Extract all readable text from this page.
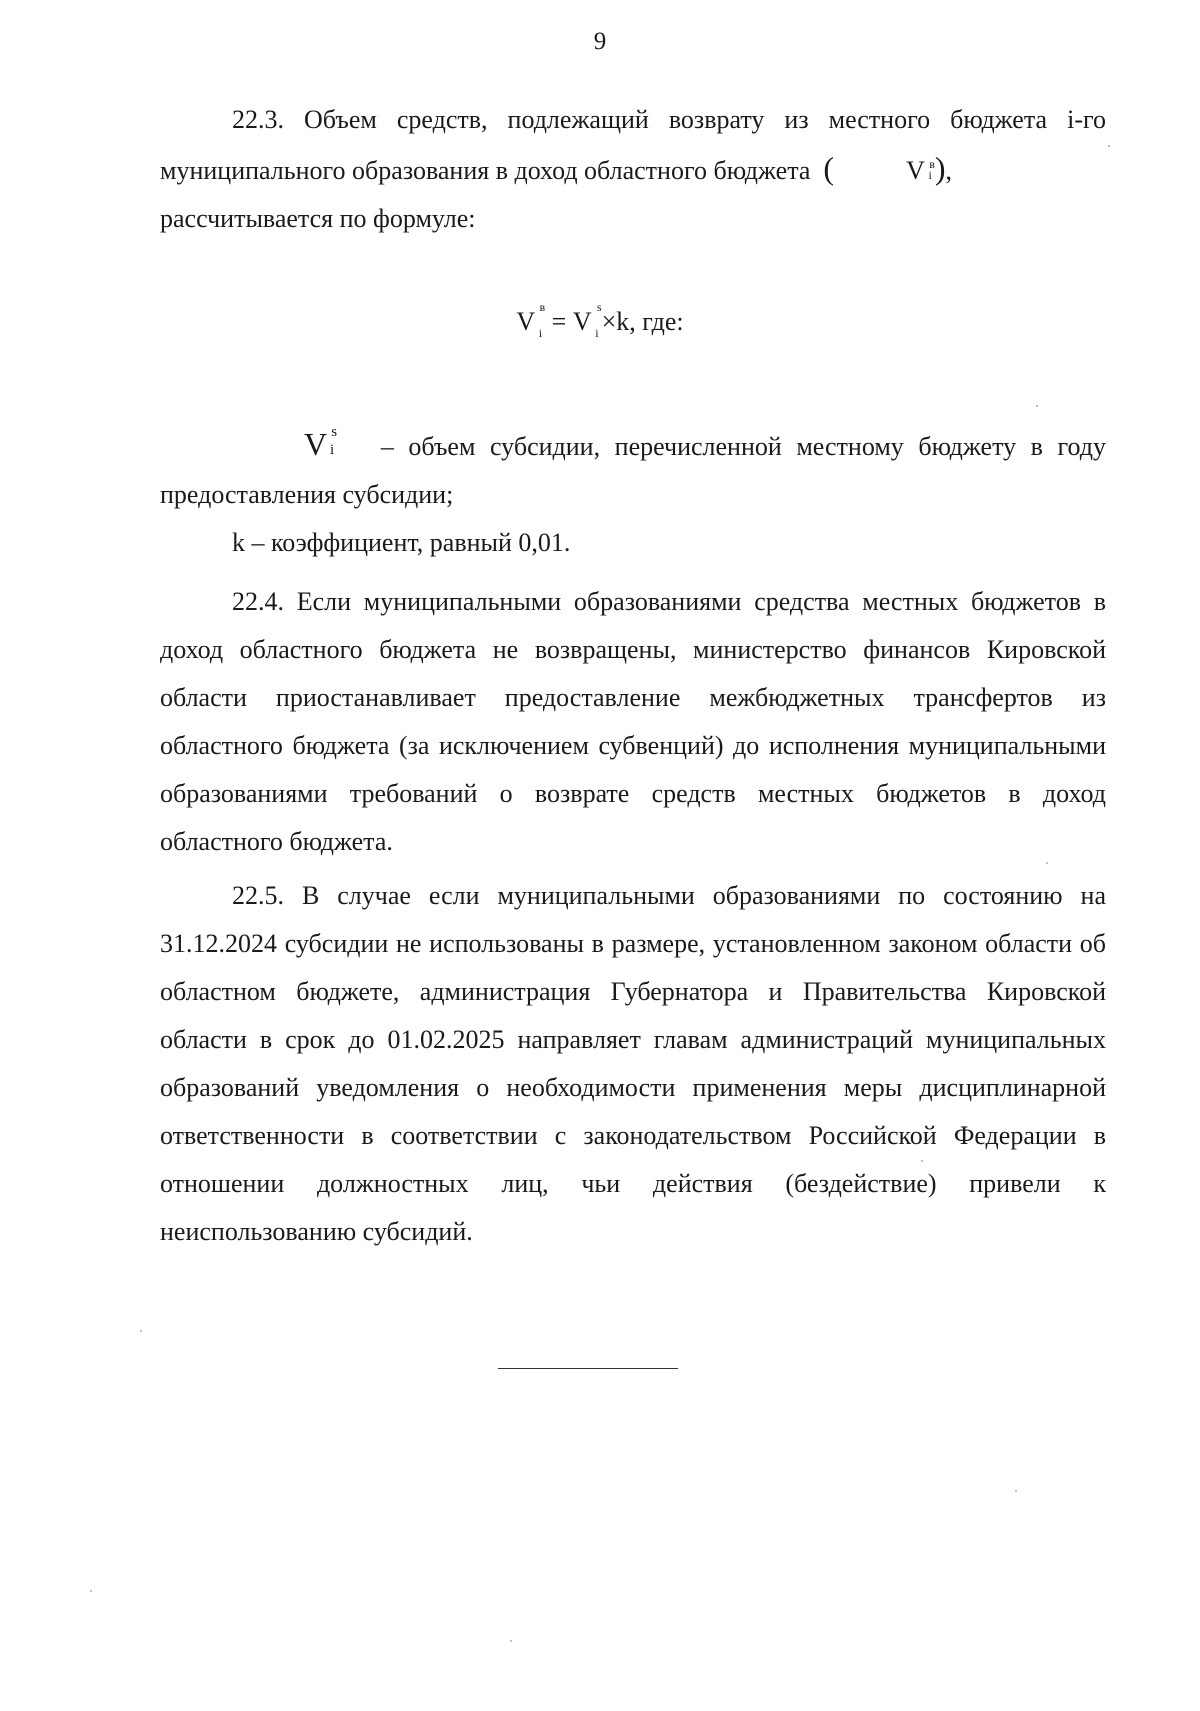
9

22.3. Объем средств, подлежащий возврату из местного бюджета i-го муниципального образования в доход областного бюджета (	V в
i ),

рассчитывается по формуле:

V в
i = V s
i ×k, где:

V s
i – объем субсидии, перечисленной местному бюджету в году предоставления субсидии;

k – коэффициент, равный 0,01.

22.4. Если муниципальными образованиями средства местных бюджетов в доход областного бюджета не возвращены, министерство финансов Кировской области приостанавливает предоставление межбюджетных трансфертов из областного бюджета (за исключением субвенций) до исполнения муниципальными образованиями требований о возврате средств местных бюджетов в доход областного бюджета.

22.5. В случае если муниципальными образованиями по состоянию на 31.12.2024 субсидии не использованы в размере, установленном законом области об областном бюджете, администрация Губернатора и Правительства Кировской области в срок до 01.02.2025 направляет главам администраций муниципальных образований уведомления о необходимости применения меры дисциплинарной ответственности в соответствии с законодательством Российской Федерации в отношении должностных лиц, чьи действия (бездействие) привели к неиспользованию субсидий.
